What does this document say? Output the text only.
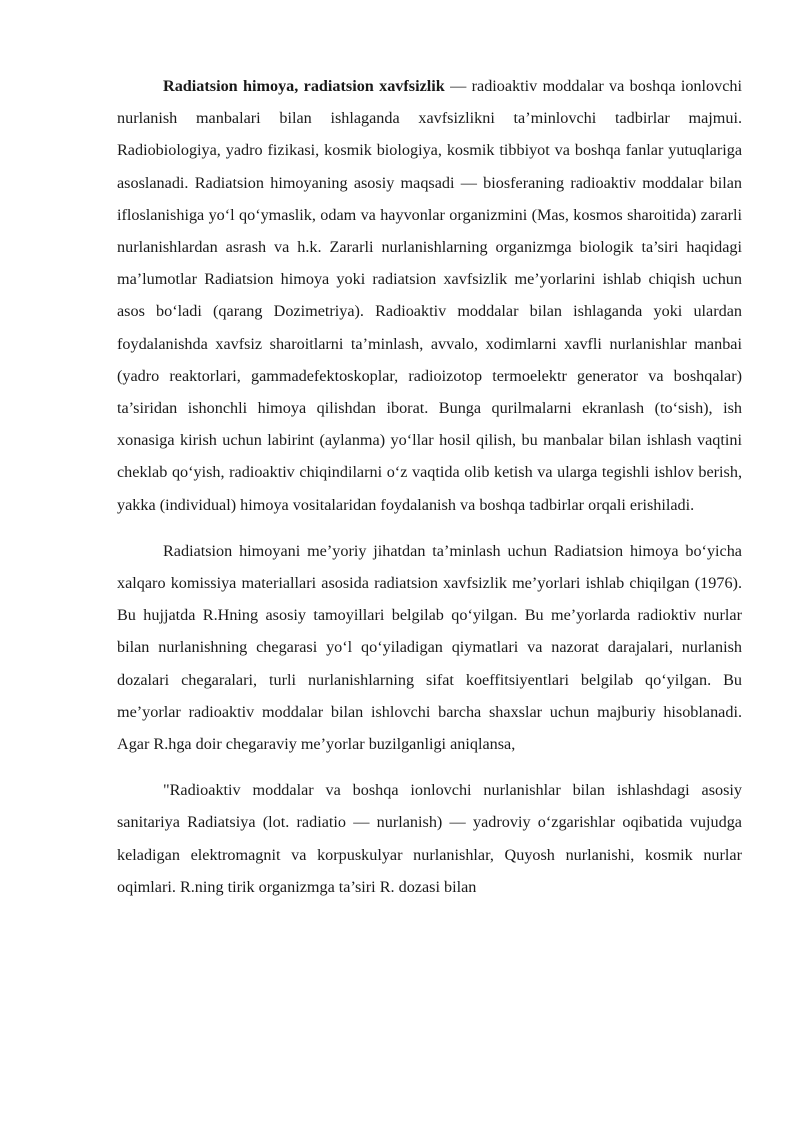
Radiatsion himoya, radiatsion xavfsizlik — radioaktiv moddalar va boshqa ionlovchi nurlanish manbalari bilan ishlaganda xavfsizlikni ta’minlovchi tadbirlar majmui. Radiobiologiya, yadro fizikasi, kosmik biologiya, kosmik tibbiyot va boshqa fanlar yutuqlariga asoslanadi. Radiatsion himoyaning asosiy maqsadi — biosferaning radioaktiv moddalar bilan ifloslanishiga yo‘l qo‘ymaslik, odam va hayvonlar organizmini (Mas, kosmos sharoitida) zararli nurlanishlardan asrash va h.k. Zararli nurlanishlarning organizmga biologik ta’siri haqidagi ma’lumotlar Radiatsion himoya yoki radiatsion xavfsizlik me’yorlarini ishlab chiqish uchun asos bo‘ladi (qarang Dozimetriya). Radioaktiv moddalar bilan ishlaganda yoki ulardan foydalanishda xavfsiz sharoitlarni ta’minlash, avvalo, xodimlarni xavfli nurlanishlar manbai (yadro reaktorlari, gammadefektoskoplar, radioizotop termoelektr generator va boshqalar) ta’siridan ishonchli himoya qilishdan iborat. Bunga qurilmalarni ekranlash (to‘sish), ish xonasiga kirish uchun labirint (aylanma) yo‘llar hosil qilish, bu manbalar bilan ishlash vaqtini cheklab qo‘yish, radioaktiv chiqindilarni o‘z vaqtida olib ketish va ularga tegishli ishlov berish, yakka (individual) himoya vositalaridan foydalanish va boshqa tadbirlar orqali erishiladi.

Radiatsion himoyani me’yoriy jihatdan ta’minlash uchun Radiatsion himoya bo‘yicha xalqaro komissiya materiallari asosida radiatsion xavfsizlik me’yorlari ishlab chiqilgan (1976). Bu hujjatda R.Hning asosiy tamoyillari belgilab qo‘yilgan. Bu me’yorlarda radioktiv nurlar bilan nurlanishning chegarasi yo‘l qo‘yiladigan qiymatlari va nazorat darajalari, nurlanish dozalari chegaralari, turli nurlanishlarning sifat koeffitsiyentlari belgilab qo‘yilgan. Bu me’yorlar radioaktiv moddalar bilan ishlovchi barcha shaxslar uchun majburiy hisoblanadi. Agar R.hga doir chegaraviy me’yorlar buzilganligi aniqlansa,

"Radioaktiv moddalar va boshqa ionlovchi nurlanishlar bilan ishlashdagi asosiy sanitariya Radiatsiya (lot. radiatio — nurlanish) — yadroviy o‘zgarishlar oqibatida vujudga keladigan elektromagnit va korpuskulyar nurlanishlar, Quyosh nurlanishi, kosmik nurlar oqimlari. R.ning tirik organizmga ta’siri R. dozasi bilan
